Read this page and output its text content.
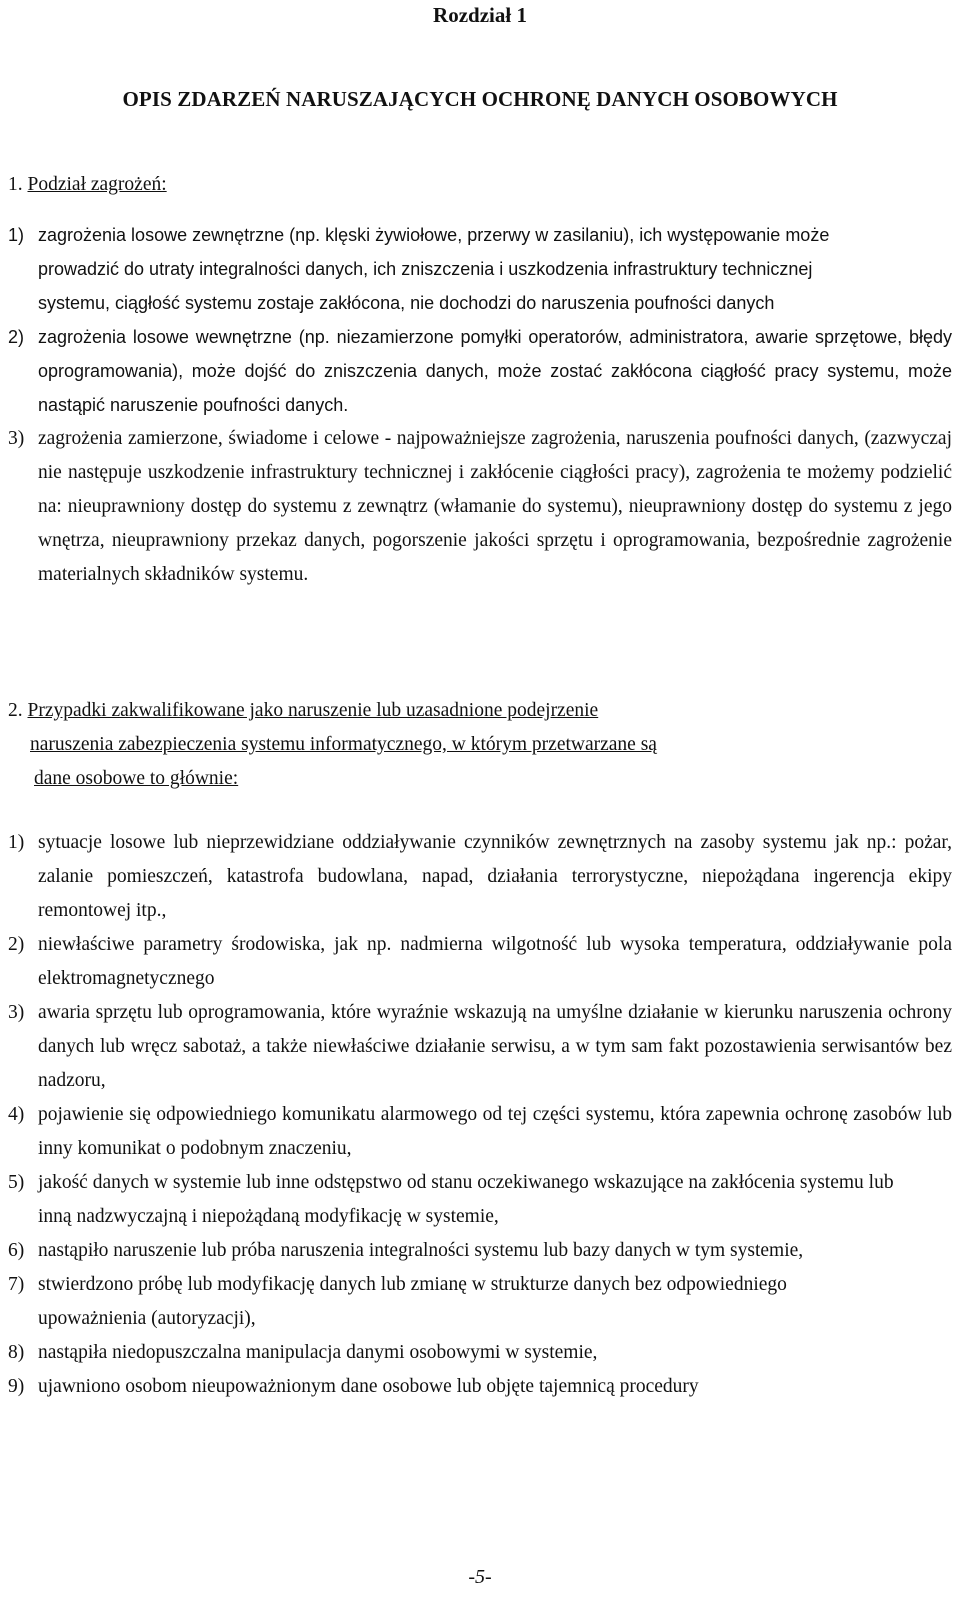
Rozdział 1
OPIS ZDARZEŃ NARUSZAJĄCYCH OCHRONĘ DANYCH OSOBOWYCH
1. Podział zagrożeń:
1) zagrożenia losowe zewnętrzne (np. klęski żywiołowe, przerwy w zasilaniu), ich występowanie może prowadzić do utraty integralności danych, ich zniszczenia i uszkodzenia infrastruktury technicznej systemu, ciągłość systemu zostaje zakłócona, nie dochodzi do naruszenia poufności danych
2) zagrożenia losowe wewnętrzne (np. niezamierzone pomyłki operatorów, administratora, awarie sprzętowe, błędy oprogramowania), może dojść do zniszczenia danych, może zostać zakłócona ciągłość pracy systemu, może nastąpić naruszenie poufności danych.
3) zagrożenia zamierzone, świadome i celowe - najpoważniejsze zagrożenia, naruszenia poufności danych, (zazwyczaj nie następuje uszkodzenie infrastruktury technicznej i zakłócenie ciągłości pracy), zagrożenia te możemy podzielić na: nieuprawniony dostęp do systemu z zewnątrz (włamanie do systemu), nieuprawniony dostęp do systemu z jego wnętrza, nieuprawniony przekaz danych, pogorszenie jakości sprzętu i oprogramowania, bezpośrednie zagrożenie materialnych składników systemu.
2. Przypadki zakwalifikowane jako naruszenie lub uzasadnione podejrzenie
naruszenia zabezpieczenia systemu informatycznego, w którym przetwarzane są
dane osobowe to głównie:
1) sytuacje losowe lub nieprzewidziane oddziaływanie czynników zewnętrznych na zasoby systemu jak np.: pożar, zalanie pomieszczeń, katastrofa budowlana, napad, działania terrorystyczne, niepożądana ingerencja ekipy remontowej itp.,
2) niewłaściwe parametry środowiska, jak np. nadmierna wilgotność lub wysoka temperatura, oddziaływanie pola elektromagnetycznego
3) awaria sprzętu lub oprogramowania, które wyraźnie wskazują na umyślne działanie w kierunku naruszenia ochrony danych lub wręcz sabotaż, a także niewłaściwe działanie serwisu, a w tym sam fakt pozostawienia serwisantów bez nadzoru,
4) pojawienie się odpowiedniego komunikatu alarmowego od tej części systemu, która zapewnia ochronę zasobów lub inny komunikat o podobnym znaczeniu,
5) jakość danych w systemie lub inne odstępstwo od stanu oczekiwanego wskazujące na zakłócenia systemu lub inną nadzwyczajną i niepożądaną modyfikację w systemie,
6) nastąpiło naruszenie lub próba naruszenia integralności systemu lub bazy danych w tym systemie,
7) stwierdzono próbę lub modyfikację danych lub zmianę w strukturze danych bez odpowiedniego upoważnienia (autoryzacji),
8) nastąpiła niedopuszczalna manipulacja danymi osobowymi w systemie,
9) ujawniono osobom nieupoważnionym dane osobowe lub objęte tajemnicą procedury
-5-
